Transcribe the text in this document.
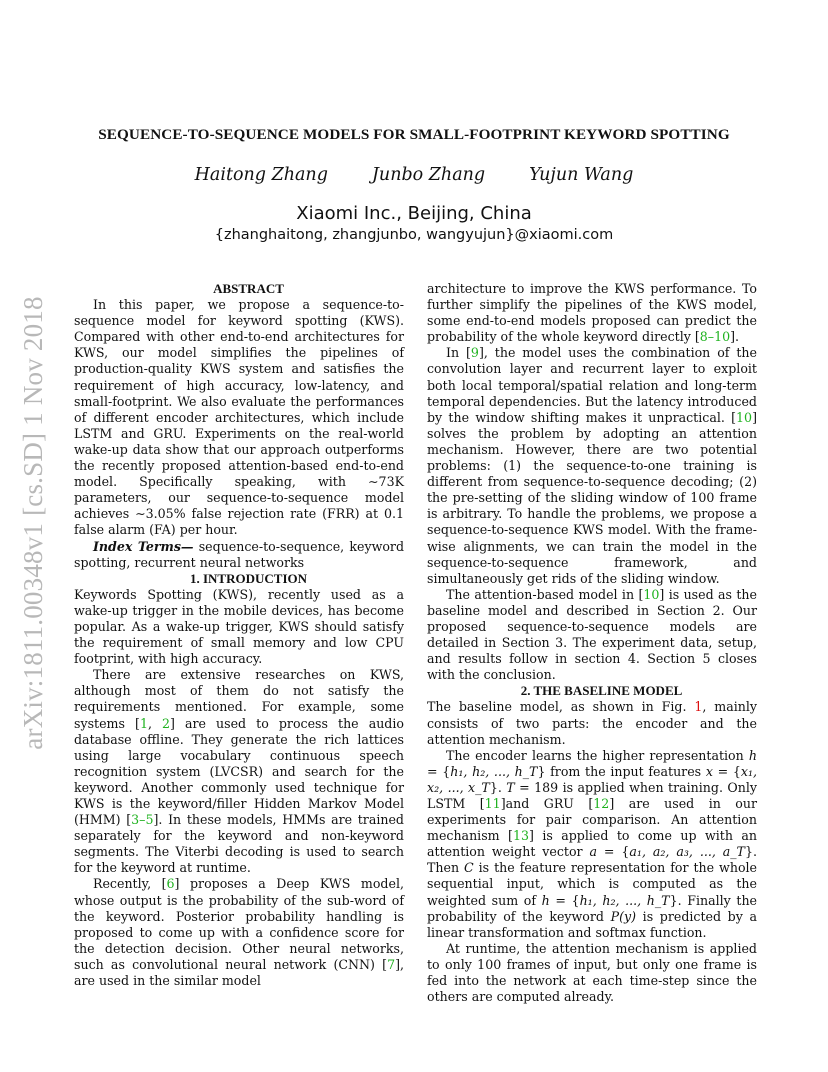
arXiv:1811.00348v1 [cs.SD] 1 Nov 2018
SEQUENCE-TO-SEQUENCE MODELS FOR SMALL-FOOTPRINT KEYWORD SPOTTING
Haitong Zhang	Junbo Zhang	Yujun Wang
Xiaomi Inc., Beijing, China
{zhanghaitong, zhangjunbo, wangyujun}@xiaomi.com

ABSTRACT

In this paper, we propose a sequence-to-sequence model for keyword spotting (KWS). Compared with other end-to-end architectures for KWS, our model simplifies the pipelines of production-quality KWS system and satisfies the requirement of high accuracy, low-latency, and small-footprint. We also evaluate the performances of different encoder architectures, which include LSTM and GRU. Experiments on the real-world wake-up data show that our approach outperforms the recently proposed attention-based end-to-end model. Specifically speaking, with ∼73K parameters, our sequence-to-sequence model achieves ∼3.05% false rejection rate (FRR) at 0.1 false alarm (FA) per hour.

Index Terms— sequence-to-sequence, keyword spotting, recurrent neural networks

1. INTRODUCTION

Keywords Spotting (KWS), recently used as a wake-up trigger in the mobile devices, has become popular. As a wake-up trigger, KWS should satisfy the requirement of small memory and low CPU footprint, with high accuracy.

There are extensive researches on KWS, although most of them do not satisfy the requirements mentioned. For example, some systems [1, 2] are used to process the audio database offline. They generate the rich lattices using large vocabulary continuous speech recognition system (LVCSR) and search for the keyword. Another commonly used technique for KWS is the keyword/filler Hidden Markov Model (HMM) [3–5]. In these models, HMMs are trained separately for the keyword and non-keyword segments. The Viterbi decoding is used to search for the keyword at runtime.

Recently, [6] proposes a Deep KWS model, whose output is the probability of the sub-word of the keyword. Posterior probability handling is proposed to come up with a confidence score for the detection decision. Other neural networks, such as convolutional neural network (CNN) [7], are used in the similar model

architecture to improve the KWS performance. To further simplify the pipelines of the KWS model, some end-to-end models proposed can predict the probability of the whole keyword directly [8–10].

In [9], the model uses the combination of the convolution layer and recurrent layer to exploit both local temporal/spatial relation and long-term temporal dependencies. But the latency introduced by the window shifting makes it unpractical. [10] solves the problem by adopting an attention mechanism. However, there are two potential problems: (1) the sequence-to-one training is different from sequence-to-sequence decoding; (2) the pre-setting of the sliding window of 100 frame is arbitrary. To handle the problems, we propose a sequence-to-sequence KWS model. With the frame-wise alignments, we can train the model in the sequence-to-sequence framework, and simultaneously get rids of the sliding window.

The attention-based model in [10] is used as the baseline model and described in Section 2. Our proposed sequence-to-sequence models are detailed in Section 3. The experiment data, setup, and results follow in section 4. Section 5 closes with the conclusion.

2. THE BASELINE MODEL

The baseline model, as shown in Fig. 1, mainly consists of two parts: the encoder and the attention mechanism.

The encoder learns the higher representation h = {h₁, h₂, ..., h_T} from the input features x = {x₁, x₂, ..., x_T}. T = 189 is applied when training. Only LSTM [11]and GRU [12] are used in our experiments for pair comparison. An attention mechanism [13] is applied to come up with an attention weight vector a = {a₁, a₂, a₃, ..., a_T}. Then C is the feature representation for the whole sequential input, which is computed as the weighted sum of h = {h₁, h₂, ..., h_T}. Finally the probability of the keyword P(y) is predicted by a linear transformation and softmax function.

At runtime, the attention mechanism is applied to only 100 frames of input, but only one frame is fed into the network at each time-step since the others are computed already.
